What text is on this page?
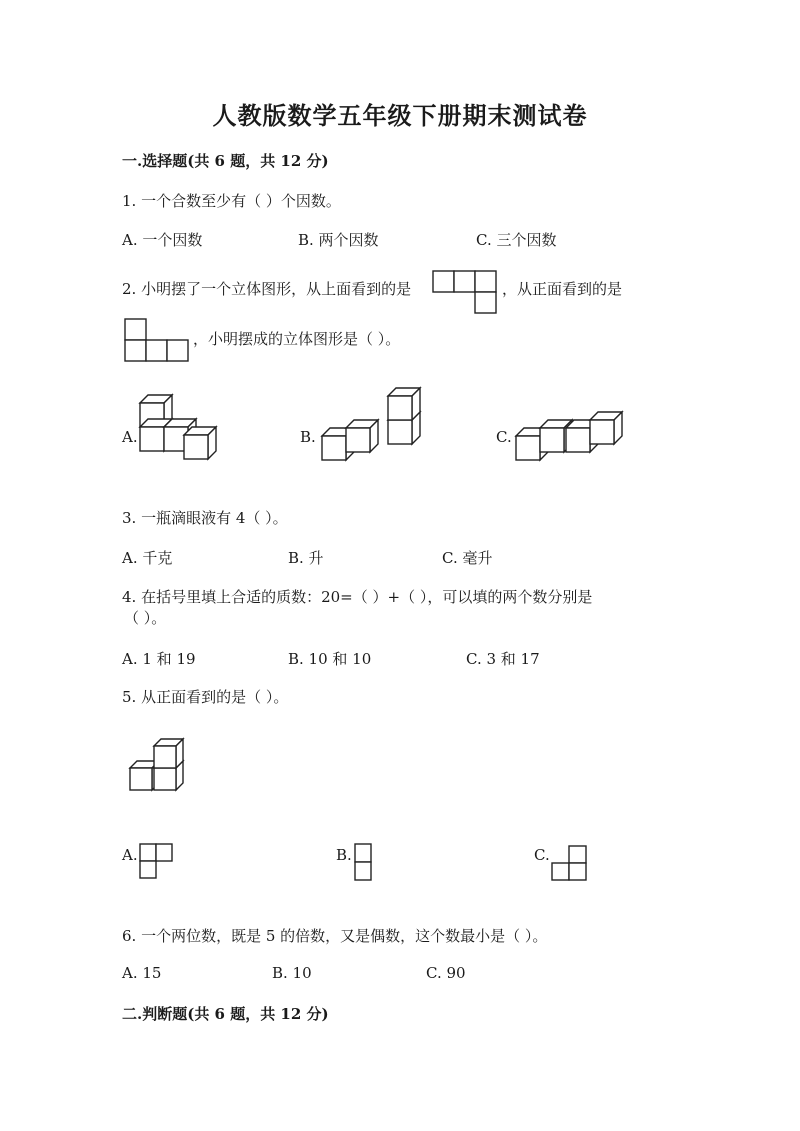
人教版数学五年级下册期末测试卷
一.选择题(共 6 题，共 12 分)
1. 一个合数至少有（ ）个因数。
A. 一个因数	B. 两个因数	C. 三个因数
2. 小明摆了一个立体图形，从上面看到的是	，从正面看到的是
，小明摆成的立体图形是（ ）。
A.	B.	C.
3. 一瓶滴眼液有 4（ ）。
A. 千克	B. 升	C. 毫升
4. 在括号里填上合适的质数：20=（ ）+（ ），可以填的两个数分别是
（ ）。
A. 1 和 19	B. 10 和 10	C. 3 和 17
5. 从正面看到的是（ ）。
A.	B.	C.
6. 一个两位数，既是 5 的倍数，又是偶数，这个数最小是（ ）。
A. 15	B. 10	C. 90
二.判断题(共 6 题，共 12 分)
